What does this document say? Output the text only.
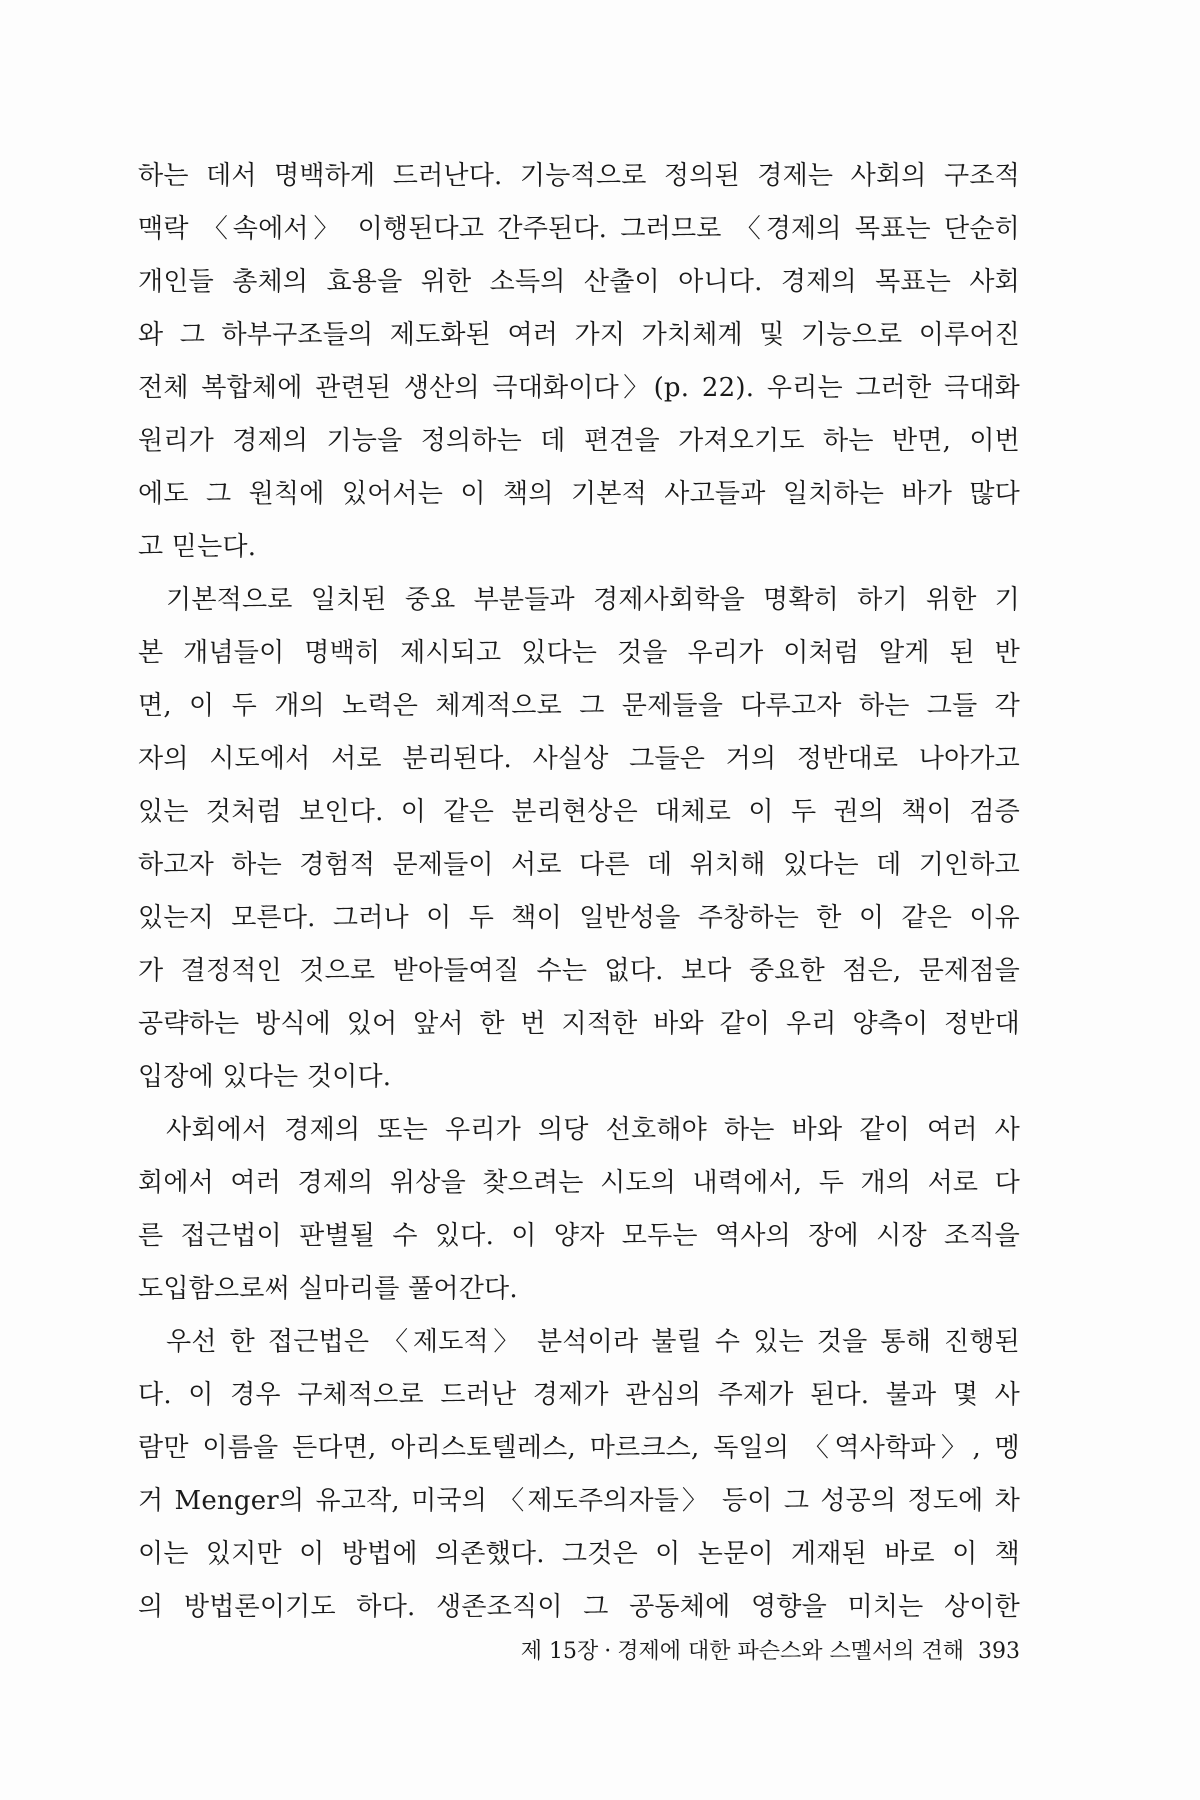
하는 데서 명백하게 드러난다. 기능적으로 정의된 경제는 사회의 구조적
맥락 〈속에서〉 이행된다고 간주된다. 그러므로 〈경제의 목표는 단순히
개인들 총체의 효용을 위한 소득의 산출이 아니다. 경제의 목표는 사회
와 그 하부구조들의 제도화된 여러 가지 가치체계 및 기능으로 이루어진
전체 복합체에 관련된 생산의 극대화이다〉(p. 22). 우리는 그러한 극대화
원리가 경제의 기능을 정의하는 데 편견을 가져오기도 하는 반면, 이번
에도 그 원칙에 있어서는 이 책의 기본적 사고들과 일치하는 바가 많다
고 믿는다.
기본적으로 일치된 중요 부분들과 경제사회학을 명확히 하기 위한 기
본 개념들이 명백히 제시되고 있다는 것을 우리가 이처럼 알게 된 반
면, 이 두 개의 노력은 체계적으로 그 문제들을 다루고자 하는 그들 각
자의 시도에서 서로 분리된다. 사실상 그들은 거의 정반대로 나아가고
있는 것처럼 보인다. 이 같은 분리현상은 대체로 이 두 권의 책이 검증
하고자 하는 경험적 문제들이 서로 다른 데 위치해 있다는 데 기인하고
있는지 모른다. 그러나 이 두 책이 일반성을 주창하는 한 이 같은 이유
가 결정적인 것으로 받아들여질 수는 없다. 보다 중요한 점은, 문제점을
공략하는 방식에 있어 앞서 한 번 지적한 바와 같이 우리 양측이 정반대
입장에 있다는 것이다.
사회에서 경제의 또는 우리가 의당 선호해야 하는 바와 같이 여러 사
회에서 여러 경제의 위상을 찾으려는 시도의 내력에서, 두 개의 서로 다
른 접근법이 판별될 수 있다. 이 양자 모두는 역사의 장에 시장 조직을
도입함으로써 실마리를 풀어간다.
우선 한 접근법은 〈제도적〉 분석이라 불릴 수 있는 것을 통해 진행된
다. 이 경우 구체적으로 드러난 경제가 관심의 주제가 된다. 불과 몇 사
람만 이름을 든다면, 아리스토텔레스, 마르크스, 독일의 〈역사학파〉, 멩
거 Menger의 유고작, 미국의 〈제도주의자들〉 등이 그 성공의 정도에 차
이는 있지만 이 방법에 의존했다. 그것은 이 논문이 게재된 바로 이 책
의 방법론이기도 하다. 생존조직이 그 공동체에 영향을 미치는 상이한
제 15장 · 경제에 대한 파슨스와 스멜서의 견해 393
